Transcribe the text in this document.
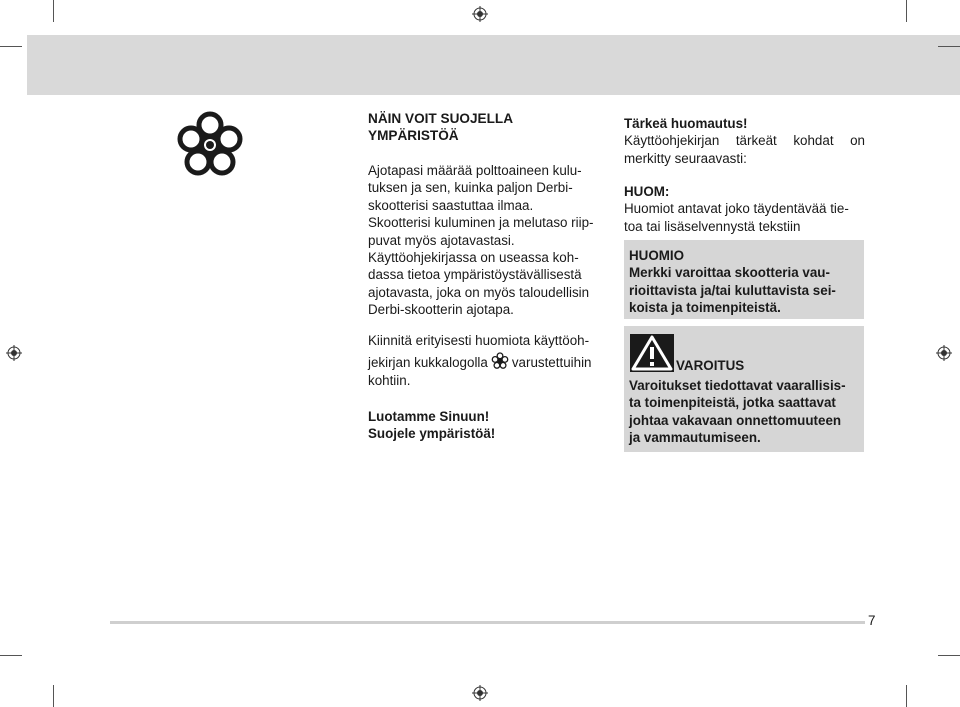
NÄIN VOIT SUOJELLA
YMPÄRISTÖÄ
Ajotapasi määrää polttoaineen kulu-
tuksen ja sen, kuinka paljon Derbi-
skootterisi saastuttaa ilmaa.
Skootterisi kuluminen ja melutaso riip-
puvat myös ajotavastasi.
Käyttöohjekirjassa on useassa koh-
dassa tietoa ympäristöystävällisestä
ajotavasta, joka on myös taloudellisin
Derbi-skootterin ajotapa.
Kiinnitä erityisesti huomiota käyttöoh-
jekirjan kukkalogolla varustettuihin
kohtiin.
Luotamme Sinuun!
Suojele ympäristöä!
Tärkeä huomautus!
Käyttöohjekirjan tärkeät kohdat on
merkitty seuraavasti:
HUOM:
Huomiot antavat joko täydentävää tie-
toa tai lisäselvennystä tekstiin
HUOMIO
Merkki varoittaa skootteria vau-
rioittavista ja/tai kuluttavista sei-
koista ja toimenpiteistä.
VAROITUS
Varoitukset tiedottavat vaarallisis-
ta toimenpiteistä, jotka saattavat
johtaa vakavaan onnettomuuteen
ja vammautumiseen.
7
